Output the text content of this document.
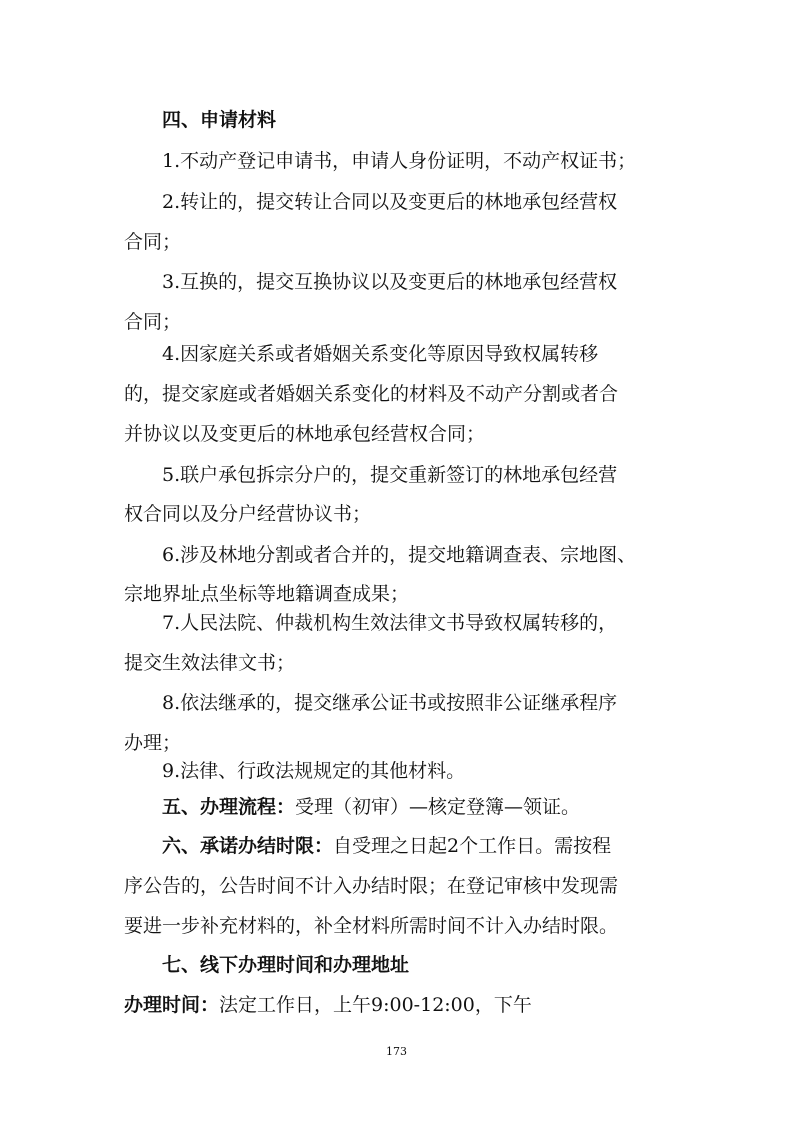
四、申请材料
1.不动产登记申请书，申请人身份证明，不动产权证书；
2.转让的，提交转让合同以及变更后的林地承包经营权
合同；
3.互换的，提交互换协议以及变更后的林地承包经营权
合同；
4.因家庭关系或者婚姻关系变化等原因导致权属转移
的，提交家庭或者婚姻关系变化的材料及不动产分割或者合
并协议以及变更后的林地承包经营权合同；
5.联户承包拆宗分户的，提交重新签订的林地承包经营
权合同以及分户经营协议书；
6.涉及林地分割或者合并的，提交地籍调查表、宗地图、
宗地界址点坐标等地籍调查成果；
7.人民法院、仲裁机构生效法律文书导致权属转移的，
提交生效法律文书；
8.依法继承的，提交继承公证书或按照非公证继承程序
办理；
9.法律、行政法规规定的其他材料。
五、办理流程：受理（初审）—核定登簿—领证。
六、承诺办结时限：自受理之日起2个工作日。需按程
序公告的，公告时间不计入办结时限；在登记审核中发现需
要进一步补充材料的，补全材料所需时间不计入办结时限。
七、线下办理时间和办理地址
办理时间：法定工作日，上午9:00-12:00，下午
173
